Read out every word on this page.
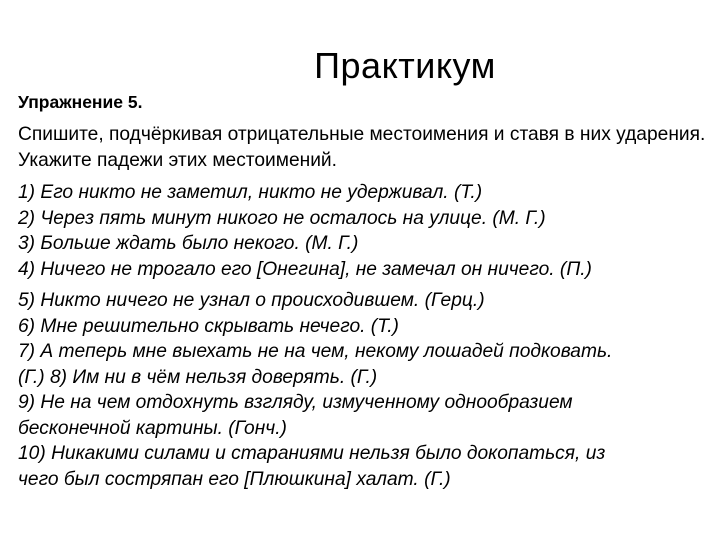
Практикум
Упражнение 5.
Спишите, подчёркивая отрицательные местоимения и ставя в них ударения. Укажите падежи этих местоимений.
1) Его никто не заметил, никто не удерживал. (Т.)
2) Через пять минут никого не осталось на улице. (М. Г.)
3) Больше ждать было некого. (М. Г.)
4) Ничего не трогало его [Онегина], не замечал он ничего. (П.)
5) Никто ничего не узнал о происходившем. (Герц.)
6) Мне решительно скрывать нечего. (Т.)
7) А теперь мне выехать не на чем, некому лошадей подковать.
(Г.) 8) Им ни в чём нельзя доверять. (Г.)
9) Не на чем отдохнуть взгляду, измученному однообразием
бесконечной картины. (Гонч.)
10) Никакими силами и стараниями нельзя было докопаться, из
чего был состряпан его [Плюшкина] халат. (Г.)
